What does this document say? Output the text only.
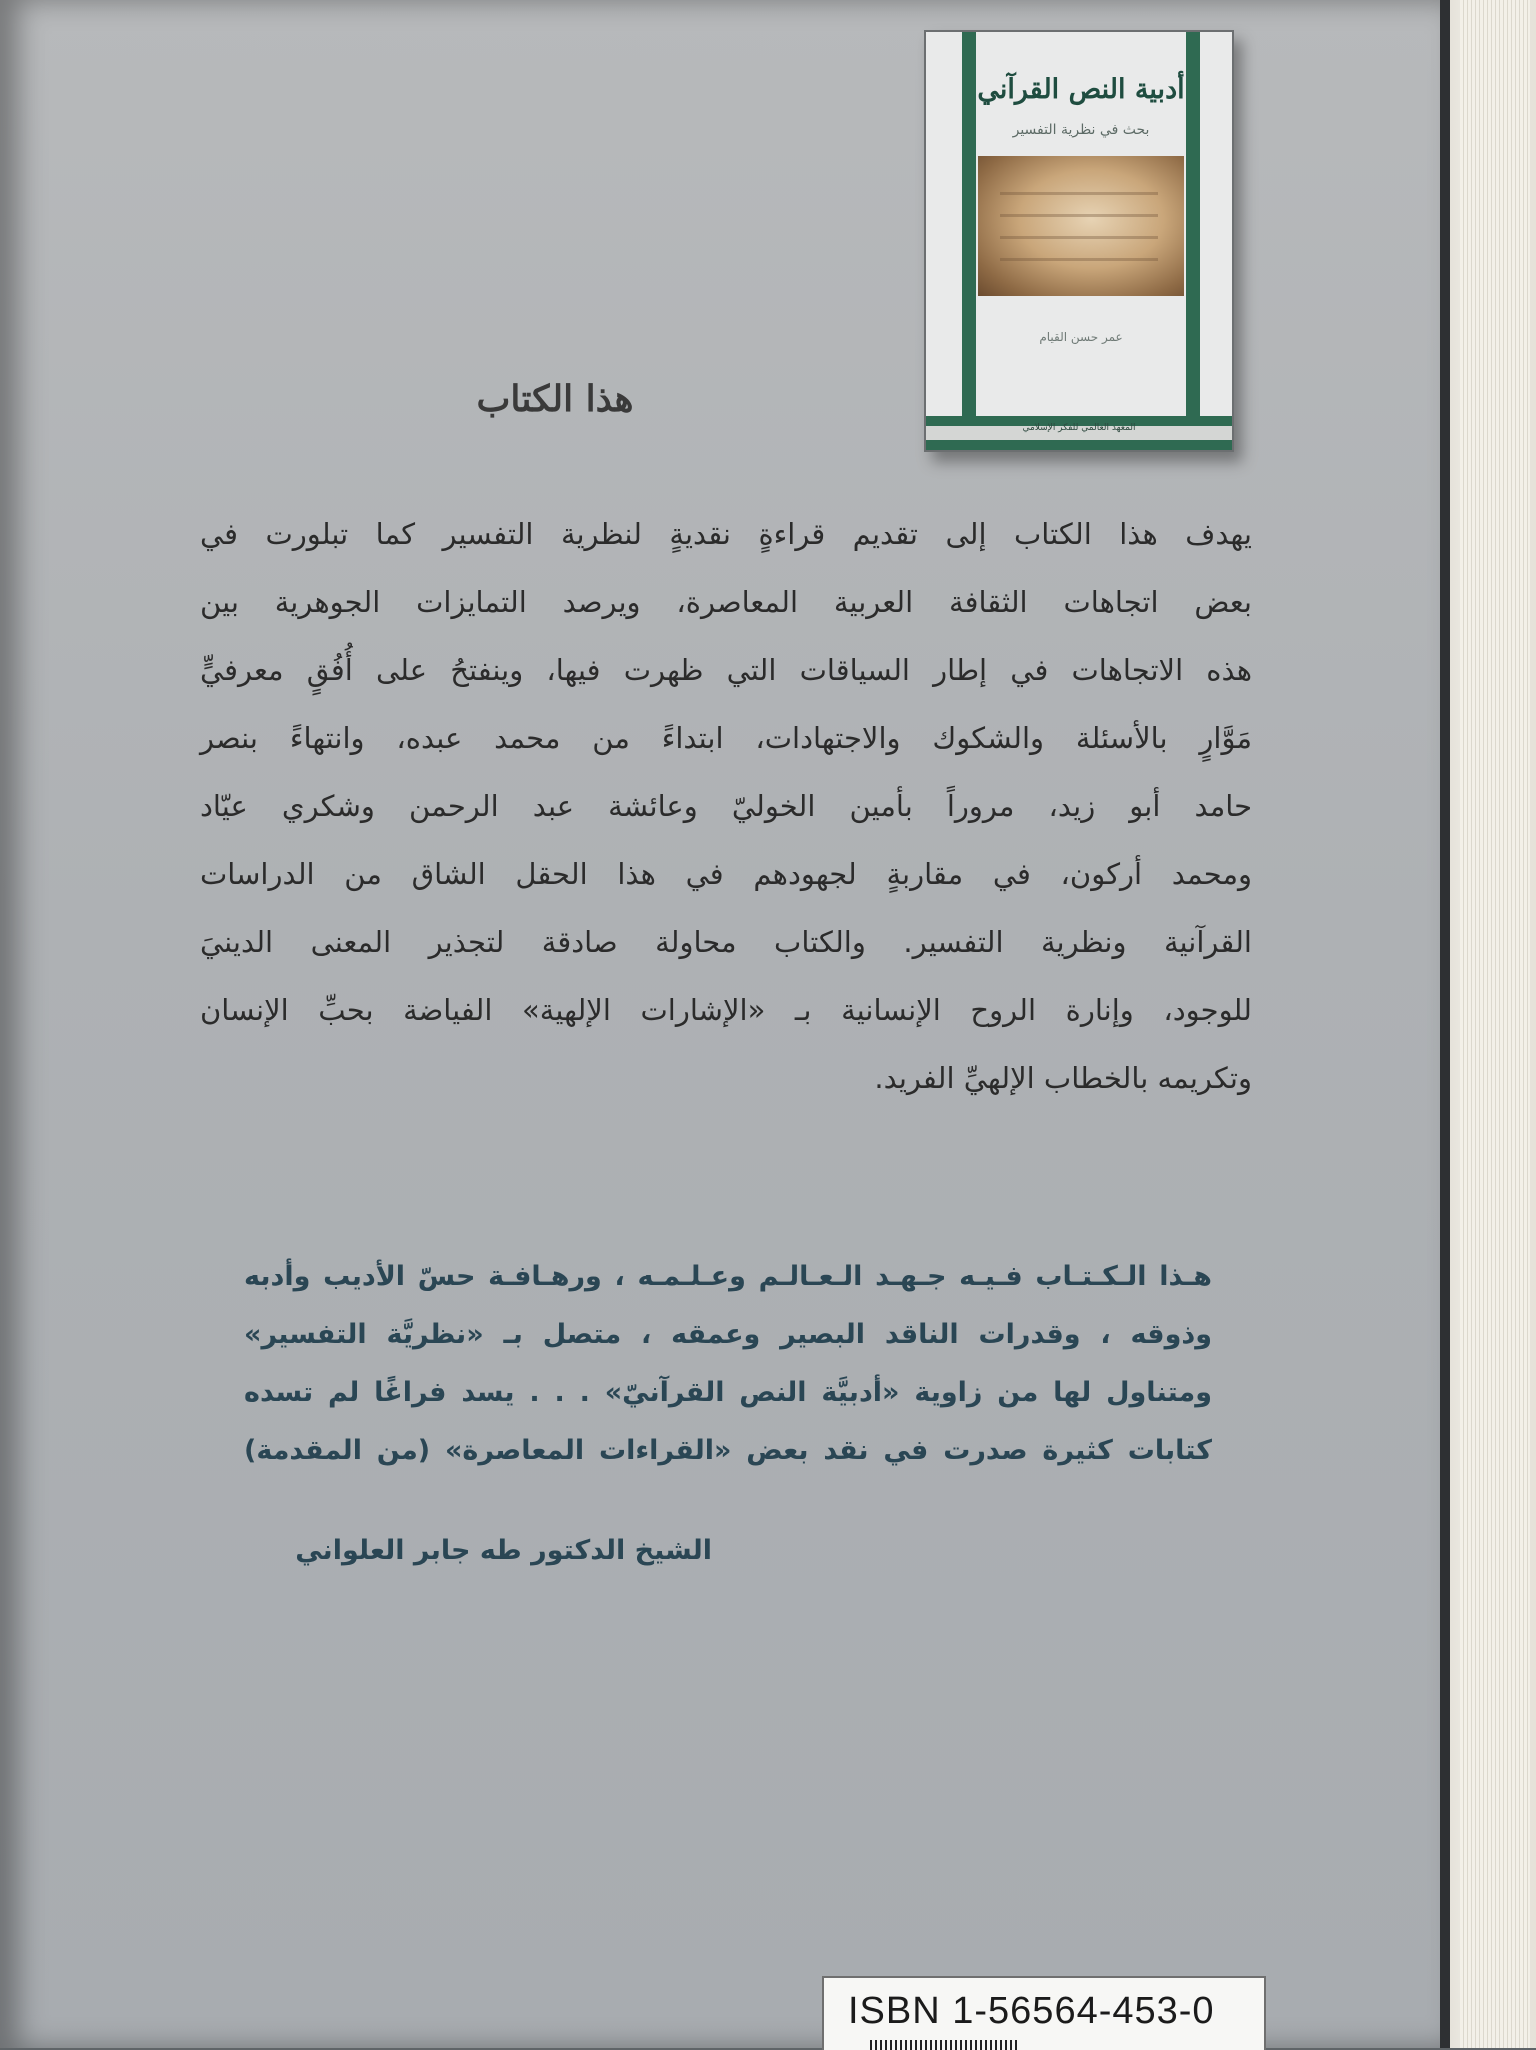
أدبية النص القرآني
بحث في نظرية التفسير
عمر حسن القيام
المعهد العالمي للفكر الإسلامي
هذا الكتاب
يهدف هذا الكتاب إلى تقديم قراءةٍ نقديةٍ لنظرية التفسير كما تبلورت في
بعض اتجاهات الثقافة العربية المعاصرة، ويرصد التمايزات الجوهرية بين
هذه الاتجاهات في إطار السياقات التي ظهرت فيها، وينفتحُ على أُفُقٍ معرفيٍّ
مَوَّارٍ بالأسئلة والشكوك والاجتهادات، ابتداءً من محمد عبده، وانتهاءً بنصر
حامد أبو زيد، مروراً بأمين الخوليّ وعائشة عبد الرحمن وشكري عيّاد
ومحمد أركون، في مقاربةٍ لجهودهم في هذا الحقل الشاق من الدراسات
القرآنية ونظرية التفسير. والكتاب محاولة صادقة لتجذير المعنى الدينيَ
للوجود، وإنارة الروح الإنسانية بـ «الإشارات الإلهية» الفياضة بحبِّ الإنسان
وتكريمه بالخطاب الإلهيِّ الفريد.
هـذا الـكـتـاب فـيـه جـهـد الـعـالـم وعـلـمـه ، ورهـافـة حسّ الأديب وأدبه
وذوقه ، وقدرات الناقد البصير وعمقه ، متصل بـ «نظريَّة التفسير»
ومتناول لها من زاوية «أدبيَّة النص القرآنيّ» . . . يسد فراغًا لم تسده
كتابات كثيرة صدرت في نقد بعض «القراءات المعاصرة» (من المقدمة)
الشيخ الدكتور طه جابر العلواني
ISBN 1-56564-453-0
